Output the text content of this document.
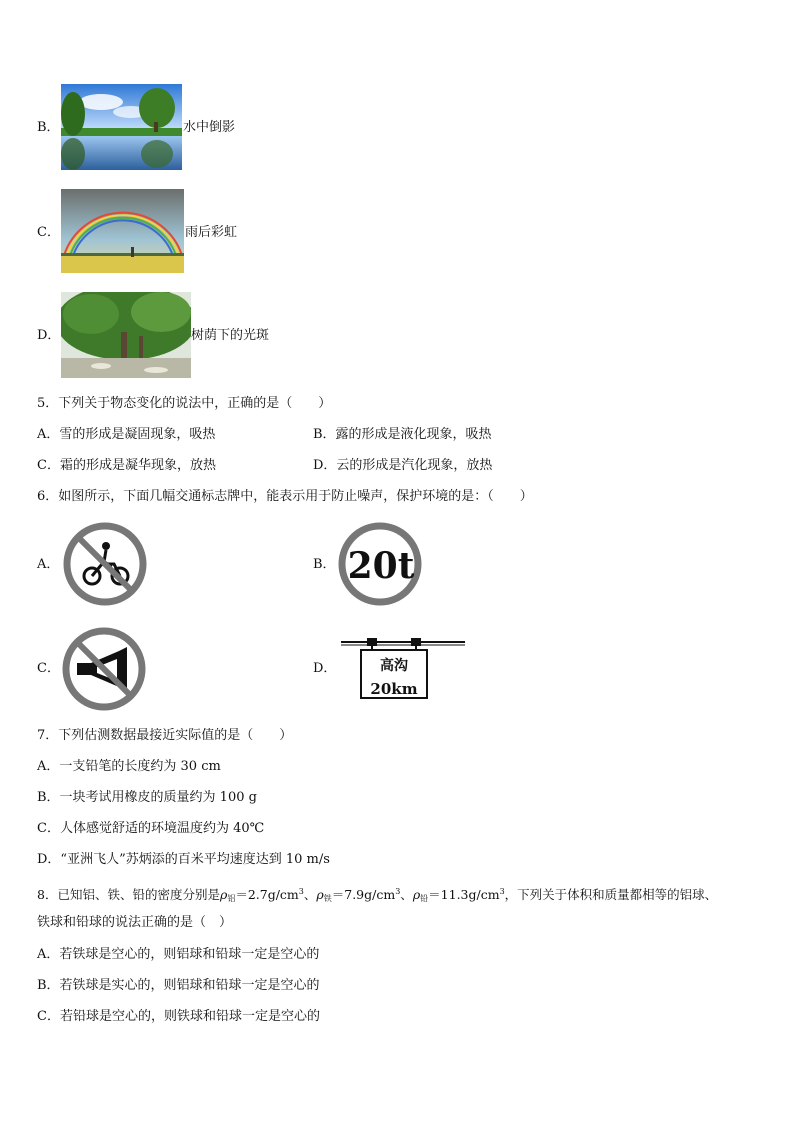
B．	水中倒影
C．	雨后彩虹
D．	树荫下的光斑
5．下列关于物态变化的说法中，正确的是（　　）
A．雪的形成是凝固现象，吸热	B．露的形成是液化现象，吸热
C．霜的形成是凝华现象，放热	D．云的形成是汽化现象，放热
6．如图所示，下面几幅交通标志牌中，能表示用于防止噪声，保护环境的是：（　　）
A．	B． 20t
C．	D．	高沟
20km
7．下列估测数据最接近实际值的是（　　）
A．一支铅笔的长度约为 30 cm
B．一块考试用橡皮的质量约为 100 g
C．人体感觉舒适的环境温度约为 40℃
D．“亚洲飞人”苏炳添的百米平均速度达到 10 m/s
8．已知铝、铁、铅的密度分别是$\rho_铝=2.7g/cm^3$、$\rho_铁=7.9g/cm^3$、$\rho_铅=11.3g/cm^3$，下列关于体积和质量都相等的铝球、
铁球和铅球的说法正确的是（　）
A．若铁球是空心的，则铝球和铅球一定是空心的
B．若铁球是实心的，则铝球和铅球一定是空心的
C．若铅球是空心的，则铁球和铅球一定是空心的
